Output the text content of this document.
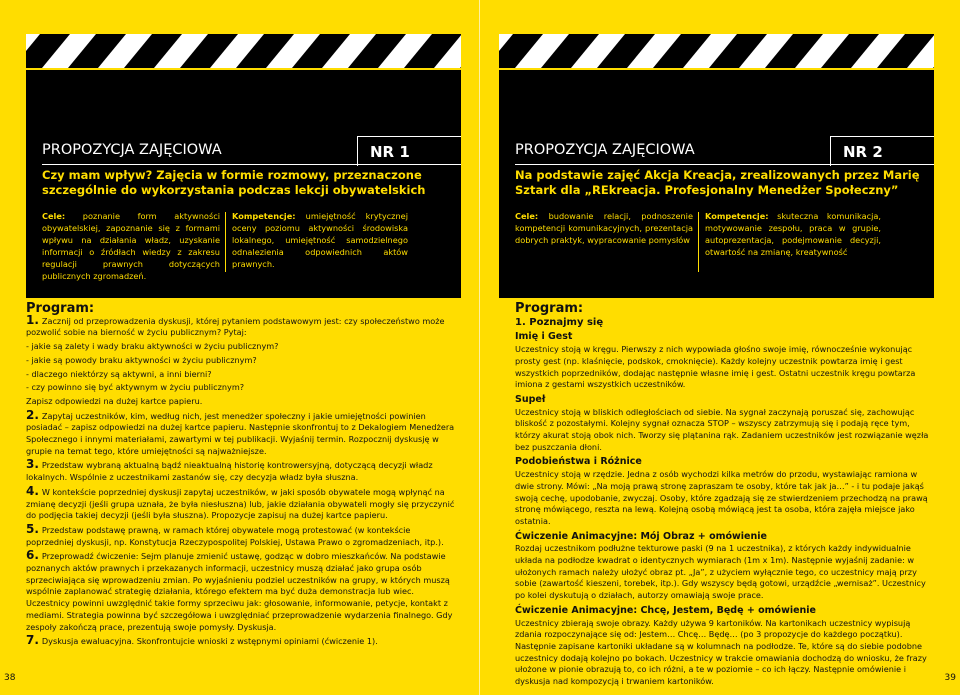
PROPOZYCJA ZAJĘCIOWA	NR 1
Czy mam wpływ? Zajęcia w formie rozmowy, przeznaczone szczególnie do wykorzystania podczas lekcji obywatelskich
Cele: poznanie form aktywności obywatelskiej, zapoznanie się z formami wpływu na działania władz, uzyskanie informacji o źródłach wiedzy z zakresu regulacji prawnych dotyczących publicznych zgromadzeń.
Kompetencje: umiejętność krytycznej oceny poziomu aktywności środowiska lokalnego, umiejętność samodzielnego odnalezienia odpowiednich aktów prawnych.
Program:

1. Zacznij od przeprowadzenia dyskusji, której pytaniem podstawowym jest: czy społeczeństwo może pozwolić sobie na bierność w życiu publicznym? Pytaj:

- jakie są zalety i wady braku aktywności w życiu publicznym?

- jakie są powody braku aktywności w życiu publicznym?

- dlaczego niektórzy są aktywni, a inni bierni?

- czy powinno się być aktywnym w życiu publicznym?

Zapisz odpowiedzi na dużej kartce papieru.

2. Zapytaj uczestników, kim, według nich, jest menedżer społeczny i jakie umiejętności powinien posiadać – zapisz odpowiedzi na dużej kartce papieru. Następnie skonfrontuj to z Dekalogiem Menedżera Społecznego i innymi materiałami, zawartymi w tej publikacji. Wyjaśnij termin. Rozpocznij dyskusję w grupie na temat tego, które umiejętności są najważniejsze.

3. Przedstaw wybraną aktualną bądź nieaktualną historię kontrowersyjną, dotyczącą decyzji władz lokalnych. Wspólnie z uczestnikami zastanów się, czy decyzja władz była słuszna.

4. W kontekście poprzedniej dyskusji zapytaj uczestników, w jaki sposób obywatele mogą wpłynąć na zmianę decyzji (jeśli grupa uznała, że była niesłuszna) lub, jakie działania obywateli mogły się przyczynić do podjęcia takiej decyzji (jeśli była słuszna). Propozycje zapisuj na dużej kartce papieru.

5. Przedstaw podstawę prawną, w ramach której obywatele mogą protestować (w kontekście poprzedniej dyskusji, np. Konstytucja Rzeczypospolitej Polskiej, Ustawa Prawo o zgromadzeniach, itp.).

6. Przeprowadź ćwiczenie: Sejm planuje zmienić ustawę, godząc w dobro mieszkańców. Na podstawie poznanych aktów prawnych i przekazanych informacji, uczestnicy muszą działać jako grupa osób sprzeciwiająca się wprowadzeniu zmian. Po wyjaśnieniu podziel uczestników na grupy, w których muszą wspólnie zaplanować strategię działania, którego efektem ma być duża demonstracja lub wiec. Uczestnicy powinni uwzględnić takie formy sprzeciwu jak: głosowanie, informowanie, petycje, kontakt z mediami. Strategia powinna być szczegółowa i uwzględniać przeprowadzenie wydarzenia finalnego. Gdy zespoły zakończą prace, prezentują swoje pomysły. Dyskusja.

7. Dyskusja ewaluacyjna. Skonfrontujcie wnioski z wstępnymi opiniami (ćwiczenie 1).

38
PROPOZYCJA ZAJĘCIOWA	NR 2
Na podstawie zajęć Akcja Kreacja, zrealizowanych przez Marię Sztark dla „REkreacja. Profesjonalny Menedżer Społeczny”
Cele: budowanie relacji, podnoszenie kompetencji komunikacyjnych, prezentacja dobrych praktyk, wypracowanie pomysłów
Kompetencje: skuteczna komunikacja, motywowanie zespołu, praca w grupie, autoprezentacja, podejmowanie decyzji, otwartość na zmianę, kreatywność
Program:
1. Poznajmy się
Imię i Gest

Uczestnicy stoją w kręgu. Pierwszy z nich wypowiada głośno swoje imię, równocześnie wykonując prosty gest (np. klaśnięcie, podskok, cmoknięcie). Każdy kolejny uczestnik powtarza imię i gest wszystkich poprzedników, dodając następnie własne imię i gest. Ostatni uczestnik kręgu powtarza imiona z gestami wszystkich uczestników.

Supeł

Uczestnicy stoją w bliskich odległościach od siebie. Na sygnał zaczynają poruszać się, zachowując bliskość z pozostałymi. Kolejny sygnał oznacza STOP – wszyscy zatrzymują się i podają ręce tym, którzy akurat stoją obok nich. Tworzy się plątanina rąk. Zadaniem uczestników jest rozwiązanie węzła bez puszczania dłoni.

Podobieństwa i Różnice

Uczestnicy stoją w rzędzie. Jedna z osób wychodzi kilka metrów do przodu, wystawiając ramiona w dwie strony. Mówi: „Na moją prawą stronę zapraszam te osoby, które tak jak ja…” - i tu podaje jakąś swoją cechę, upodobanie, zwyczaj. Osoby, które zgadzają się ze stwierdzeniem przechodzą na prawą stronę mówiącego, reszta na lewą. Kolejną osobą mówiącą jest ta osoba, która zajęła miejsce jako ostatnia.

Ćwiczenie Animacyjne: Mój Obraz + omówienie

Rozdaj uczestnikom podłużne tekturowe paski (9 na 1 uczestnika), z których każdy indywidualnie układa na podłodze kwadrat o identycznych wymiarach (1m x 1m). Następnie wyjaśnij zadanie: w ułożonych ramach należy ułożyć obraz pt. „Ja”, z użyciem wyłącznie tego, co uczestnicy mają przy sobie (zawartość kieszeni, torebek, itp.). Gdy wszyscy będą gotowi, urządźcie „wernisaż”. Uczestnicy po kolei dyskutują o działach, autorzy omawiają swoje prace.

Ćwiczenie Animacyjne: Chcę, Jestem, Będę + omówienie

Uczestnicy zbierają swoje obrazy. Każdy używa 9 kartoników. Na kartonikach uczestnicy wypisują zdania rozpoczynające się od: Jestem… Chcę… Będę… (po 3 propozycje do każdego początku). Następnie zapisane kartoniki układane są w kolumnach na podłodze. Te, które są do siebie podobne uczestnicy dodają kolejno po bokach. Uczestnicy w trakcie omawiania dochodzą do wniosku, że frazy ułożone w pionie obrazują to, co ich różni, a te w poziomie – co ich łączy. Następnie omówienie i dyskusja nad kompozycją i trwaniem kartoników.	39
